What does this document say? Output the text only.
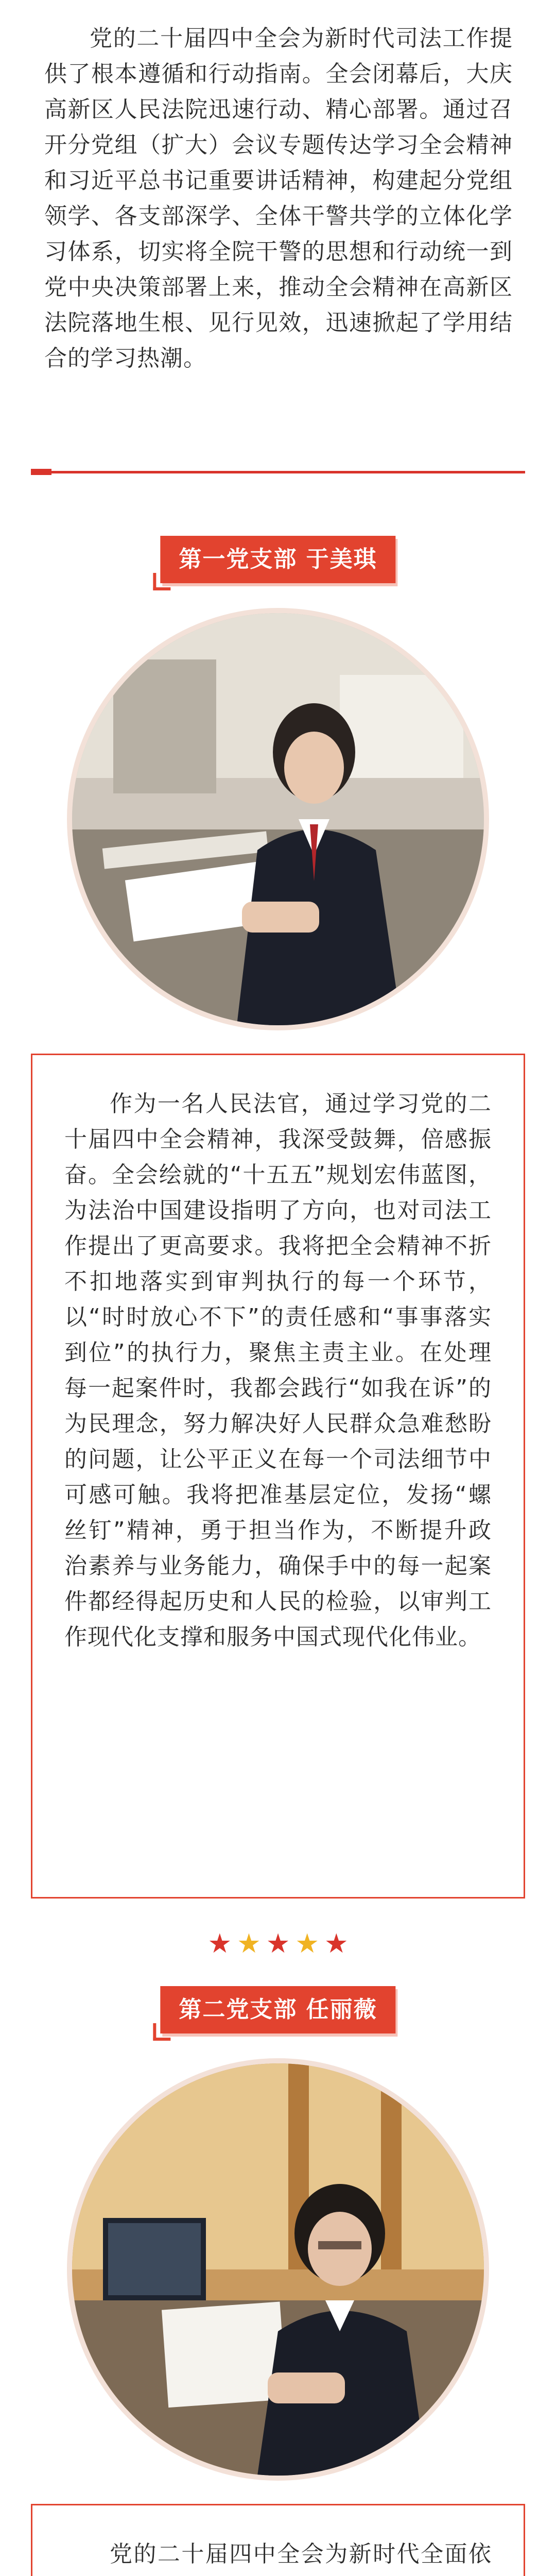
党的二十届四中全会为新时代司法工作提供了根本遵循和行动指南。全会闭幕后，大庆高新区人民法院迅速行动、精心部署。通过召开分党组（扩大）会议专题传达学习全会精神和习近平总书记重要讲话精神，构建起分党组领学、各支部深学、全体干警共学的立体化学习体系，切实将全院干警的思想和行动统一到党中央决策部署上来，推动全会精神在高新区法院落地生根、见行见效，迅速掀起了学用结合的学习热潮。
第一党支部 于美琪

作为一名人民法官，通过学习党的二十届四中全会精神，我深受鼓舞，倍感振奋。全会绘就的“十五五”规划宏伟蓝图，为法治中国建设指明了方向，也对司法工作提出了更高要求。我将把全会精神不折不扣地落实到审判执行的每一个环节，以“时时放心不下”的责任感和“事事落实到位”的执行力，聚焦主责主业。在处理每一起案件时，我都会践行“如我在诉”的为民理念，努力解决好人民群众急难愁盼的问题，让公平正义在每一个司法细节中可感可触。我将把准基层定位，发扬“螺丝钉”精神，勇于担当作为，不断提升政治素养与业务能力，确保手中的每一起案件都经得起历史和人民的检验，以审判工作现代化支撑和服务中国式现代化伟业。

★ ★ ★ ★ ★
第二党支部 任丽薇

党的二十届四中全会为新时代全面依
